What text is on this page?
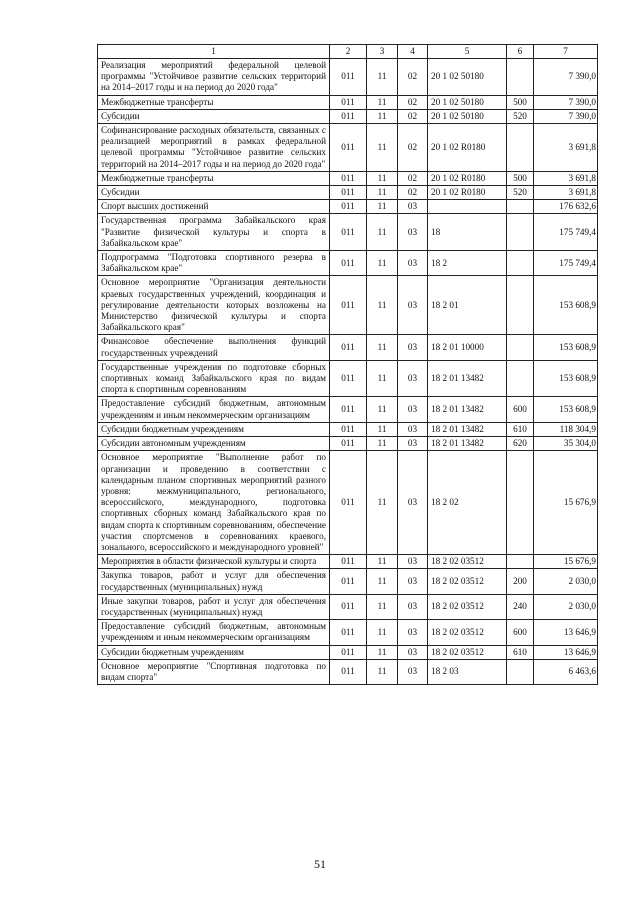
1	2	3	4	5	6	7
Реализация мероприятий федеральной целевой программы "Устойчивое развитие сельских территорий на 2014–2017 годы и на период до 2020 года"	011	11	02	20 1 02 50180		7 390,0
Межбюджетные трансферты	011	11	02	20 1 02 50180	500	7 390,0
Субсидии	011	11	02	20 1 02 50180	520	7 390,0
Софинансирование расходных обязательств, связанных с реализацией мероприятий в рамках федеральной целевой программы "Устойчивое развитие сельских территорий на 2014–2017 годы и на период до 2020 года"	011	11	02	20 1 02 R0180		3 691,8
Межбюджетные трансферты	011	11	02	20 1 02 R0180	500	3 691,8
Субсидии	011	11	02	20 1 02 R0180	520	3 691,8
Спорт высших достижений	011	11	03			176 632,6
Государственная программа Забайкальского края "Развитие физической культуры и спорта в Забайкальском крае"	011	11	03	18		175 749,4
Подпрограмма "Подготовка спортивного резерва в Забайкальском крае"	011	11	03	18 2		175 749,4
Основное мероприятие "Организация деятельности краевых государственных учреждений, координация и регулирование деятельности которых возложены на Министерство физической культуры и спорта Забайкальского края"	011	11	03	18 2 01		153 608,9
Финансовое обеспечение выполнения функций государственных учреждений	011	11	03	18 2 01 10000		153 608,9
Государственные учреждения по подготовке сборных спортивных команд Забайкальского края по видам спорта к спортивным соревнованиям	011	11	03	18 2 01 13482		153 608,9
Предоставление субсидий бюджетным, автономным учреждениям и иным некоммерческим организациям	011	11	03	18 2 01 13482	600	153 608,9
Субсидии бюджетным учреждениям	011	11	03	18 2 01 13482	610	118 304,9
Субсидии автономным учреждениям	011	11	03	18 2 01 13482	620	35 304,0
Основное мероприятие "Выполнение работ по организации и проведению в соответствии с календарным планом спортивных мероприятий разного уровня: межмуниципального, регионального, всероссийского, международного, подготовка спортивных сборных команд Забайкальского края по видам спорта к спортивным соревнованиям, обеспечение участия спортсменов в соревнованиях краевого, зонального, всероссийского и международного уровней"	011	11	03	18 2 02		15 676,9
Мероприятия в области физической культуры и спорта	011	11	03	18 2 02 03512		15 676,9
Закупка товаров, работ и услуг для обеспечения государственных (муниципальных) нужд	011	11	03	18 2 02 03512	200	2 030,0
Иные закупки товаров, работ и услуг для обеспечения государственных (муниципальных) нужд	011	11	03	18 2 02 03512	240	2 030,0
Предоставление субсидий бюджетным, автономным учреждениям и иным некоммерческим организациям	011	11	03	18 2 02 03512	600	13 646,9
Субсидии бюджетным учреждениям	011	11	03	18 2 02 03512	610	13 646,9
Основное мероприятие "Спортивная подготовка по видам спорта"	011	11	03	18 2 03		6 463,6
51
